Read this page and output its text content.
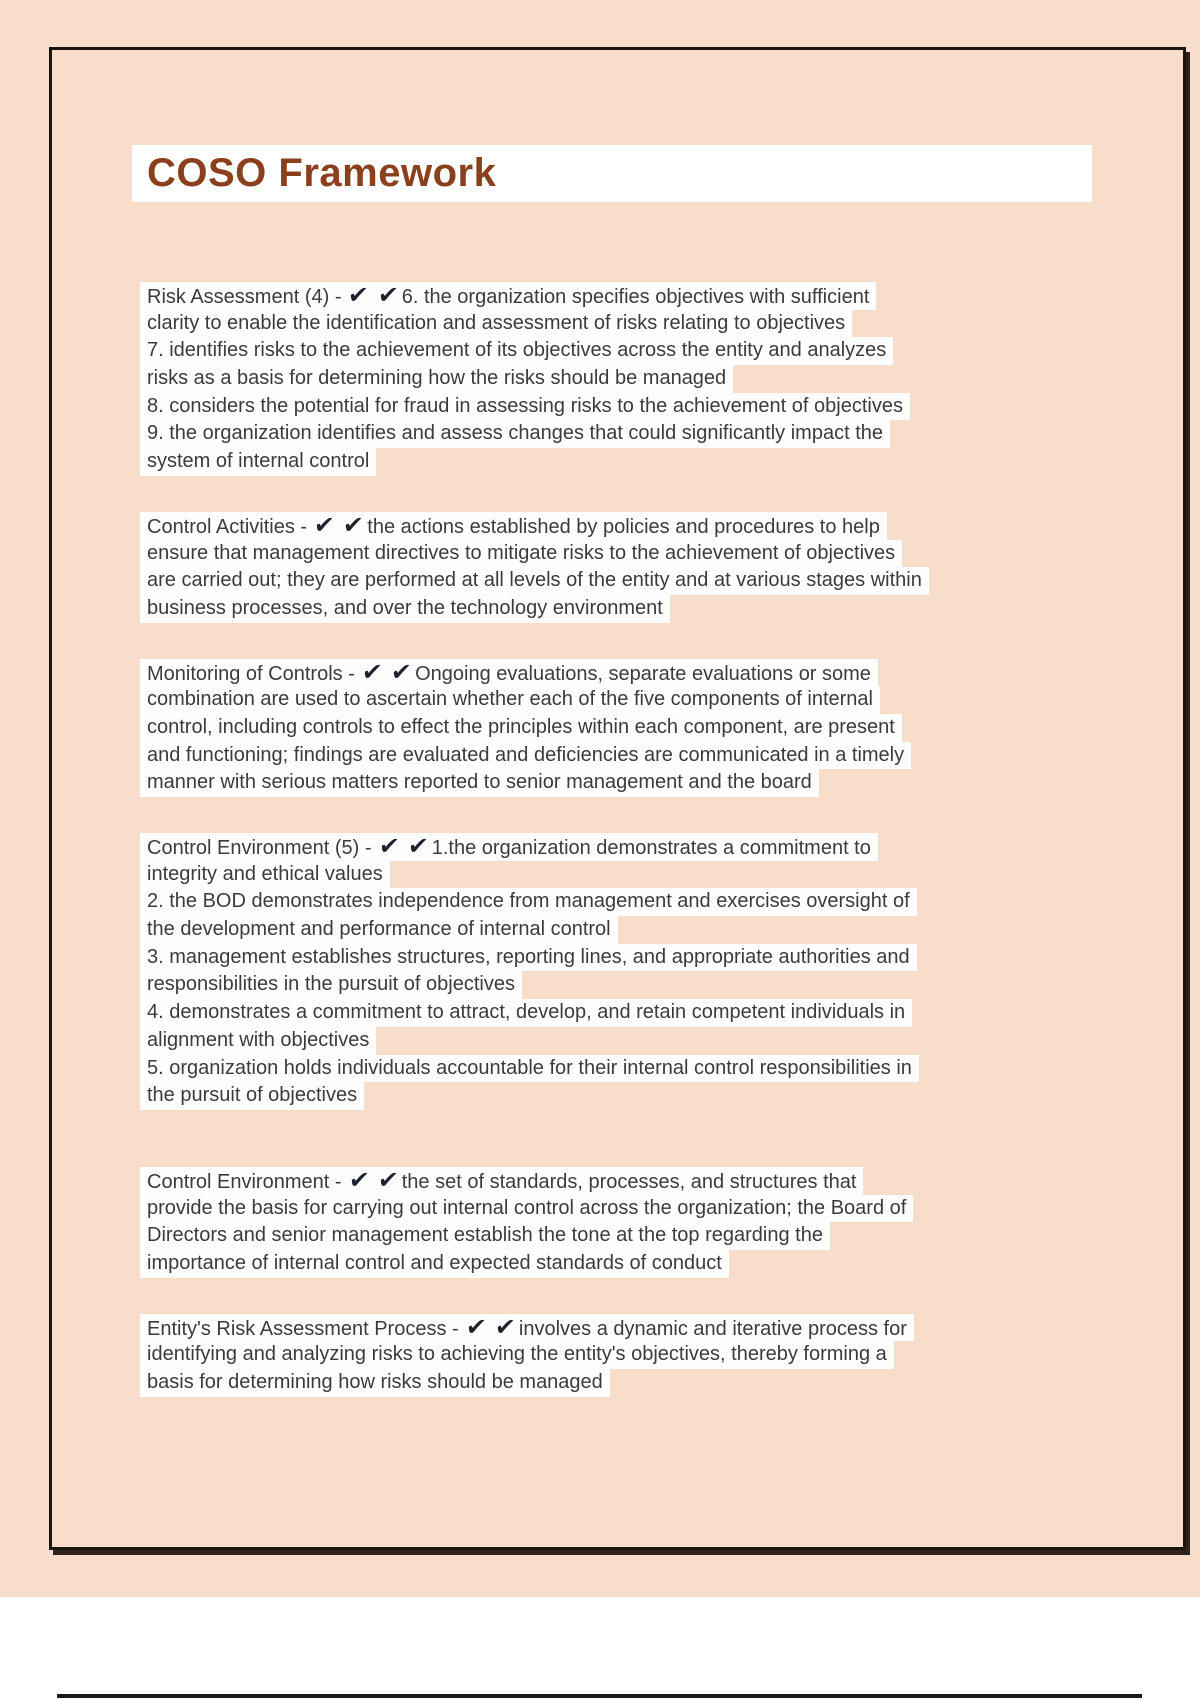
COSO Framework
Risk Assessment (4) - ✔ ✔ 6. the organization specifies objectives with sufficient
clarity to enable the identification and assessment of risks relating to objectives
7. identifies risks to the achievement of its objectives across the entity and analyzes
risks as a basis for determining how the risks should be managed
8. considers the potential for fraud in assessing risks to the achievement of objectives
9. the organization identifies and assess changes that could significantly impact the
system of internal control
Control Activities - ✔ ✔ the actions established by policies and procedures to help
ensure that management directives to mitigate risks to the achievement of objectives
are carried out; they are performed at all levels of the entity and at various stages within
business processes, and over the technology environment
Monitoring of Controls - ✔ ✔ Ongoing evaluations, separate evaluations or some
combination are used to ascertain whether each of the five components of internal
control, including controls to effect the principles within each component, are present
and functioning; findings are evaluated and deficiencies are communicated in a timely
manner with serious matters reported to senior management and the board
Control Environment (5) - ✔ ✔ 1.the organization demonstrates a commitment to
integrity and ethical values
2. the BOD demonstrates independence from management and exercises oversight of
the development and performance of internal control
3. management establishes structures, reporting lines, and appropriate authorities and
responsibilities in the pursuit of objectives
4. demonstrates a commitment to attract, develop, and retain competent individuals in
alignment with objectives
5. organization holds individuals accountable for their internal control responsibilities in
the pursuit of objectives
Control Environment - ✔ ✔ the set of standards, processes, and structures that
provide the basis for carrying out internal control across the organization; the Board of
Directors and senior management establish the tone at the top regarding the
importance of internal control and expected standards of conduct
Entity's Risk Assessment Process - ✔ ✔ involves a dynamic and iterative process for
identifying and analyzing risks to achieving the entity's objectives, thereby forming a
basis for determining how risks should be managed
